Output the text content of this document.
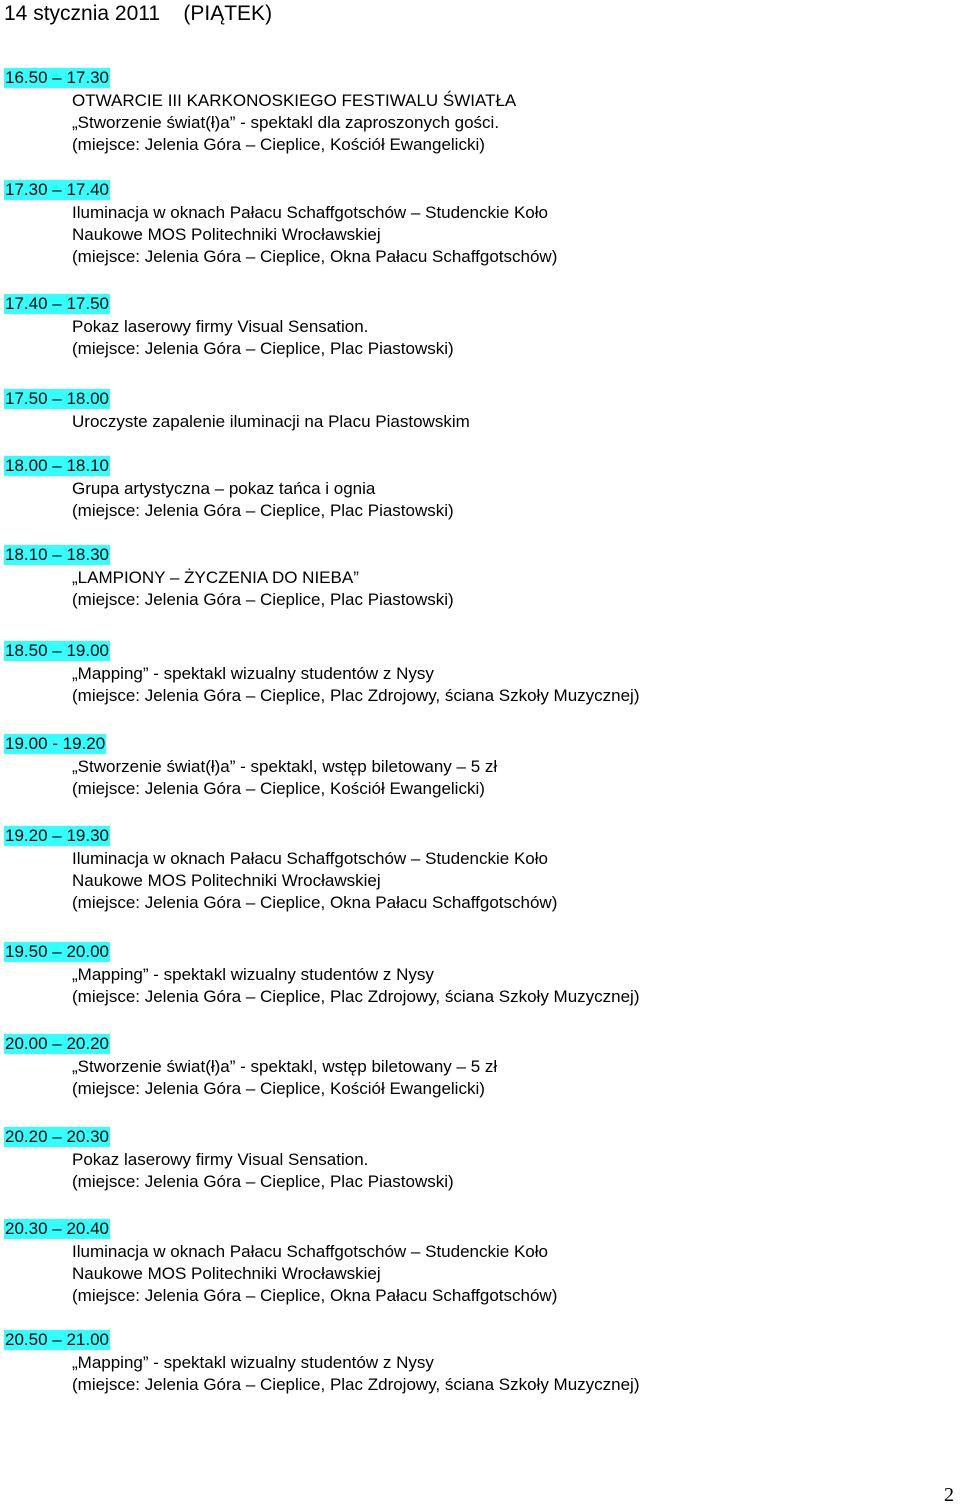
14 stycznia 2011    (PIĄTEK)
16.50 – 17.30
OTWARCIE III KARKONOSKIEGO FESTIWALU ŚWIATŁA
„Stworzenie świat(ł)a” - spektakl dla zaproszonych gości.
(miejsce: Jelenia Góra – Cieplice, Kościół Ewangelicki)
17.30 – 17.40
Iluminacja w oknach Pałacu Schaffgotschów – Studenckie Koło
Naukowe MOS Politechniki Wrocławskiej
(miejsce: Jelenia Góra – Cieplice, Okna Pałacu Schaffgotschów)
17.40 – 17.50
Pokaz laserowy firmy Visual Sensation.
(miejsce: Jelenia Góra – Cieplice, Plac Piastowski)
17.50 – 18.00
Uroczyste zapalenie iluminacji na Placu Piastowskim
18.00 – 18.10
Grupa artystyczna – pokaz tańca i ognia
(miejsce: Jelenia Góra – Cieplice, Plac Piastowski)
18.10 – 18.30
„LAMPIONY – ŻYCZENIA DO NIEBA”
(miejsce: Jelenia Góra – Cieplice, Plac Piastowski)
18.50 – 19.00
„Mapping” - spektakl wizualny studentów z Nysy
(miejsce: Jelenia Góra – Cieplice, Plac Zdrojowy, ściana Szkoły Muzycznej)
19.00 - 19.20
„Stworzenie świat(ł)a” - spektakl, wstęp biletowany – 5 zł
(miejsce: Jelenia Góra – Cieplice, Kościół Ewangelicki)
19.20 – 19.30
Iluminacja w oknach Pałacu Schaffgotschów – Studenckie Koło
Naukowe MOS Politechniki Wrocławskiej
(miejsce: Jelenia Góra – Cieplice, Okna Pałacu Schaffgotschów)
19.50 – 20.00
„Mapping” - spektakl wizualny studentów z Nysy
(miejsce: Jelenia Góra – Cieplice, Plac Zdrojowy, ściana Szkoły Muzycznej)
20.00 – 20.20
„Stworzenie świat(ł)a” - spektakl, wstęp biletowany – 5 zł
(miejsce: Jelenia Góra – Cieplice, Kościół Ewangelicki)
20.20 – 20.30
Pokaz laserowy firmy Visual Sensation.
(miejsce: Jelenia Góra – Cieplice, Plac Piastowski)
20.30 – 20.40
Iluminacja w oknach Pałacu Schaffgotschów – Studenckie Koło
Naukowe MOS Politechniki Wrocławskiej
(miejsce: Jelenia Góra – Cieplice, Okna Pałacu Schaffgotschów)
20.50 – 21.00
„Mapping” - spektakl wizualny studentów z Nysy
(miejsce: Jelenia Góra – Cieplice, Plac Zdrojowy, ściana Szkoły Muzycznej)
2
